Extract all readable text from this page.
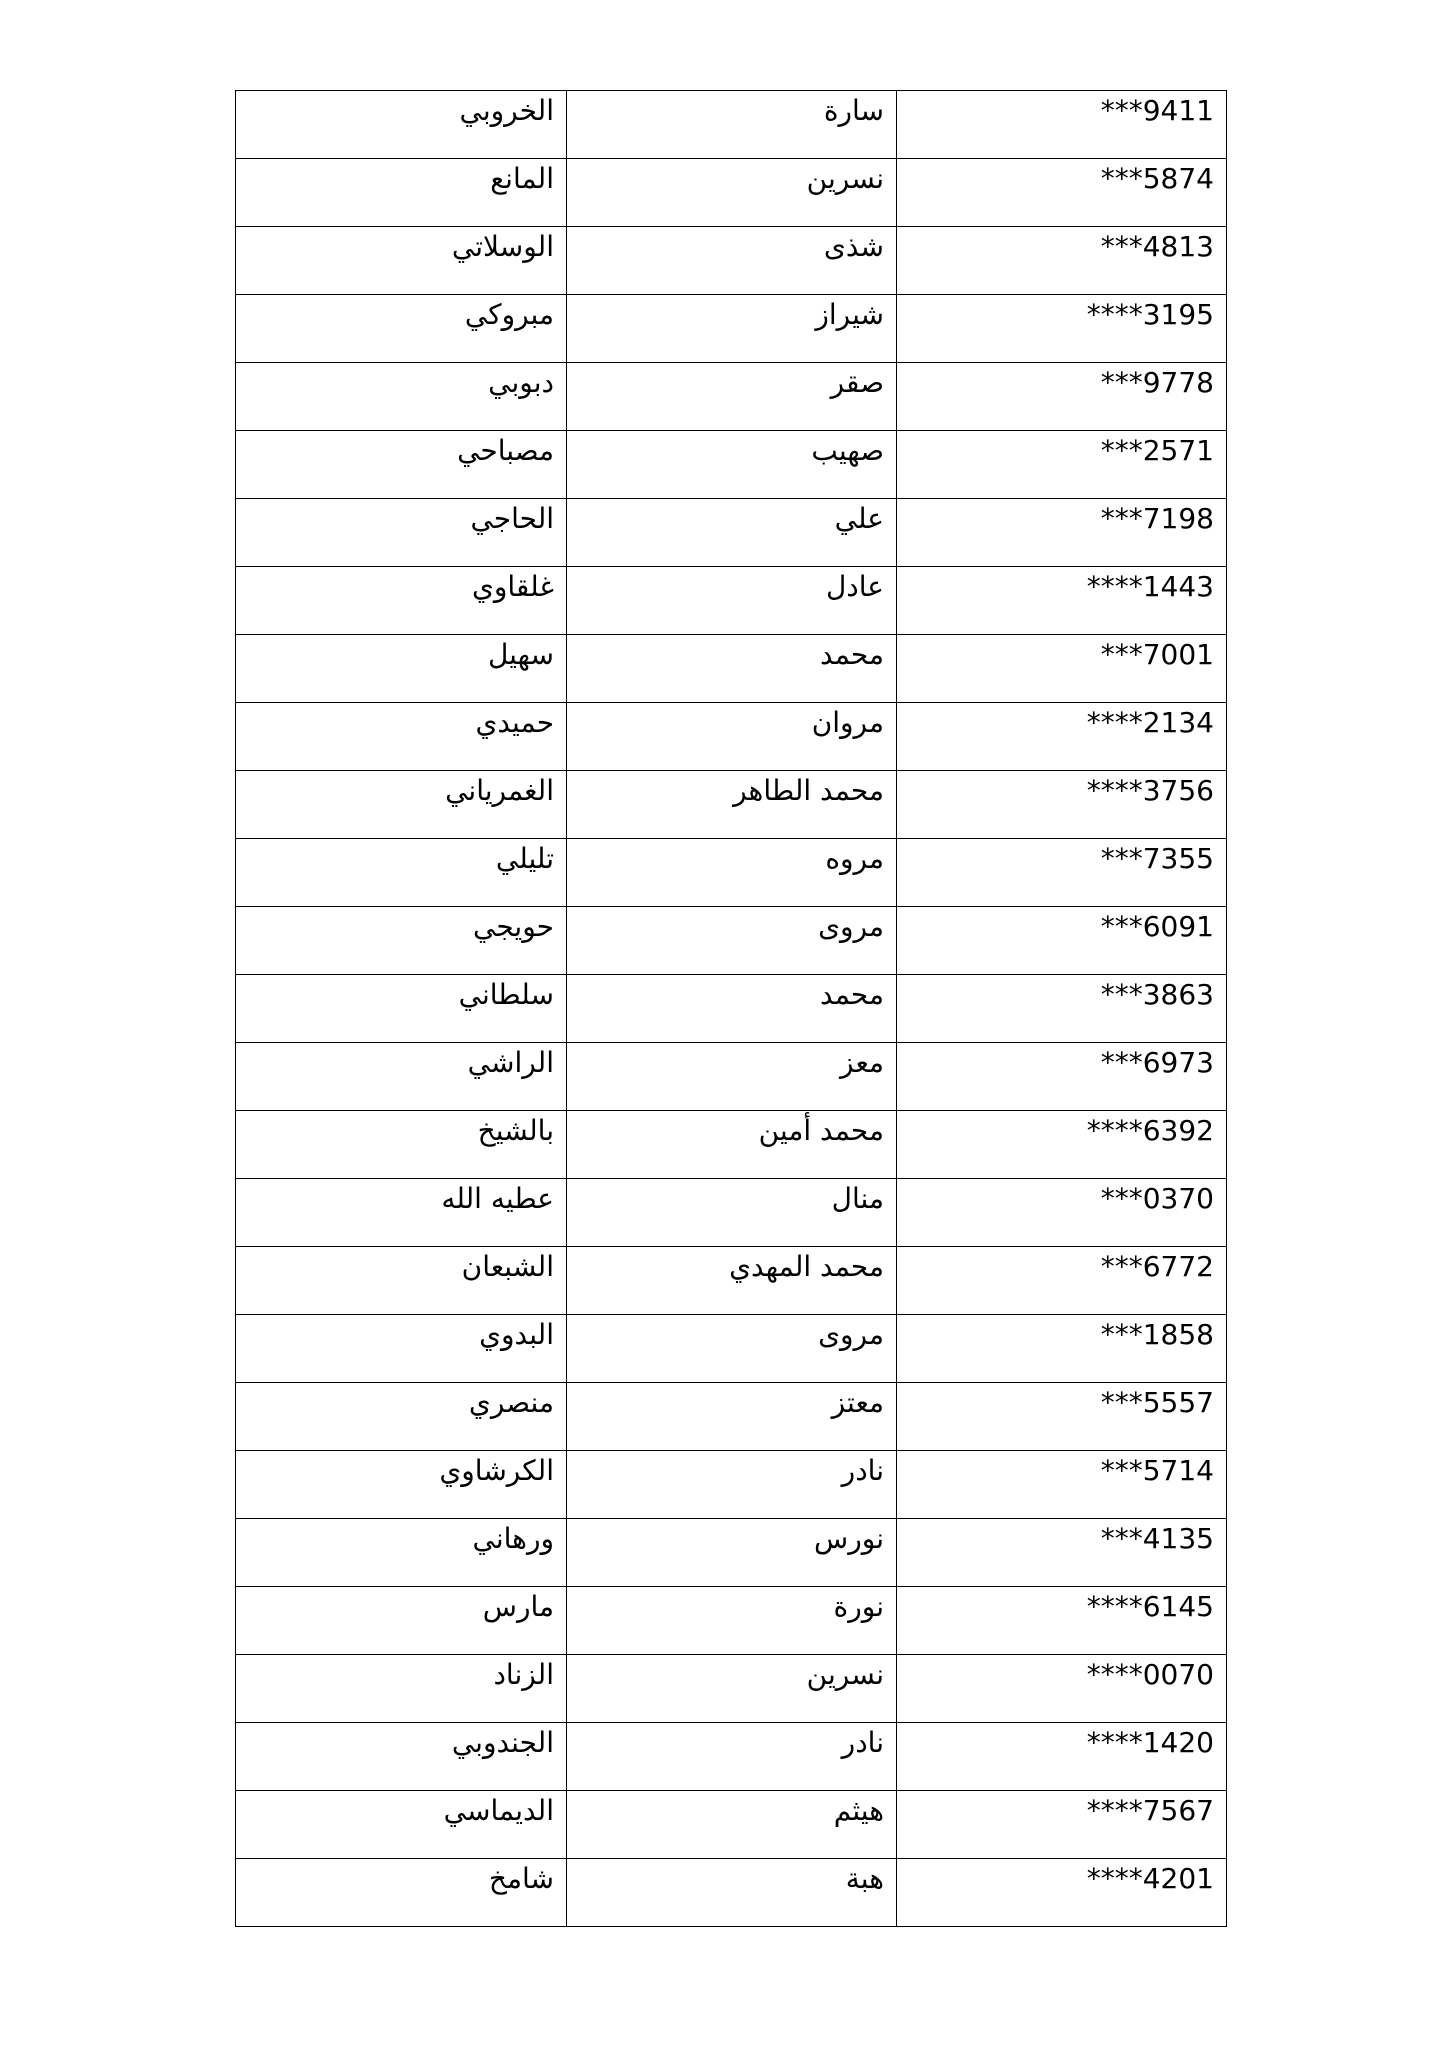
الخروبي	سارة	***9411
المانع	نسرين	***5874
الوسلاتي	شذى	***4813
مبروكي	شيراز	****3195
دبوبي	صقر	***9778
مصباحي	صهيب	***2571
الحاجي	علي	***7198
غلقاوي	عادل	****1443
سهيل	محمد	***7001
حميدي	مروان	****2134
الغمرياني	محمد الطاهر	****3756
تليلي	مروه	***7355
حويجي	مروى	***6091
سلطاني	محمد	***3863
الراشي	معز	***6973
بالشيخ	محمد أمين	****6392
عطيه الله	منال	***0370
الشبعان	محمد المهدي	***6772
البدوي	مروى	***1858
منصري	معتز	***5557
الكرشاوي	نادر	***5714
ورهاني	نورس	***4135
مارس	نورة	****6145
الزناد	نسرين	****0070
الجندوبي	نادر	****1420
الديماسي	هيثم	****7567
شامخ	هبة	****4201
